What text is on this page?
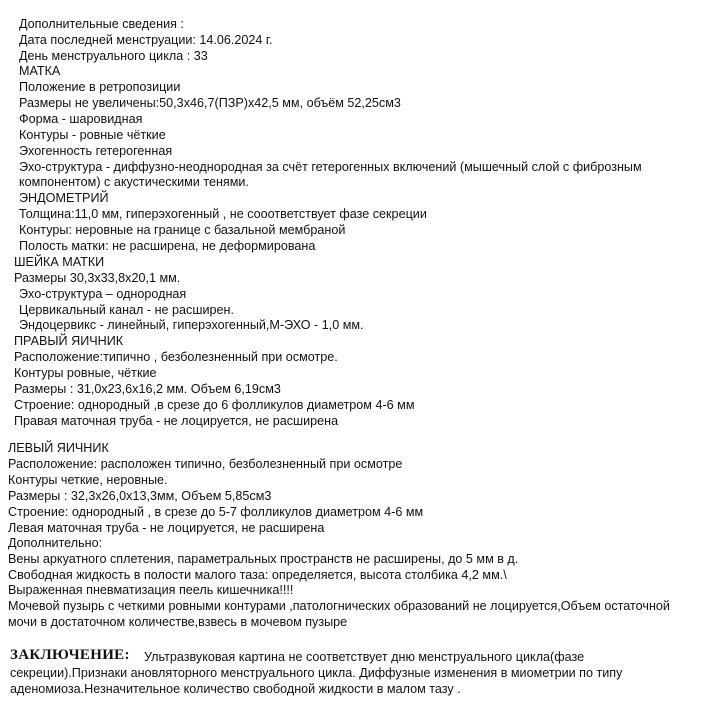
Дополнительные сведения :
Дата последней менструации: 14.06.2024 г.
День менструального цикла : 33
МАТКА
Положение в ретропозиции
Размеры не увеличены:50,3х46,7(ПЗР)х42,5 мм, объём 52,25см3
Форма - шаровидная
Контуры - ровные чёткие
Эхогенность гетерогенная
Эхо-структура - диффузно-неоднородная за счёт гетерогенных включений (мышечный слой с фиброзным
компонентом) с акустическими тенями.
ЭНДОМЕТРИЙ
Толщина:11,0 мм, гиперэхогенный , не сооответствует фазе секреции
Контуры: неровные на границе с базальной мембраной
Полость матки: не расширена, не деформирована
ШЕЙКА МАТКИ
Размеры 30,3х33,8х20,1 мм.
Эхо-структура – однородная
Цервикальный канал - не расширен.
Эндоцервикс - линейный, гиперэхогенный,М-ЭХО - 1,0 мм.
ПРАВЫЙ ЯИЧНИК
Расположение:типично , безболезненный при осмотре.
Контуры ровные, чёткие
Размеры : 31,0х23,6х16,2 мм. Объем 6,19см3
Строение: однородный ,в срезе до 6 фолликулов диаметром 4-6 мм
Правая маточная труба - не лоцируется, не расширена
ЛЕВЫЙ ЯИЧНИК
Расположение: расположен типично, безболезненный при осмотре
Контуры четкие, неровные.
Размеры : 32,3х26,0х13,3мм, Объем 5,85см3
Строение: однородный , в срезе до 5-7 фолликулов диаметром 4-6 мм
Левая маточная труба - не лоцируется, не расширена
Дополнительно:
Вены аркуатного сплетения, параметральных пространств не расширены, до 5 мм в д.
Свободная жидкость в полости малого таза: определяется, высота столбика 4,2 мм.\
Выраженная пневматизация пеель кишечника!!!!
Мочевой пузырь с четкими ровными контурами ,патологнических образований не лоцируется,Объем остаточной
мочи в достаточном количестве,взвесь в мочевом пузыре
ЗАКЛЮЧЕНИЕ: Ультразвуковая картина не соответствует дню менструального цикла(фазе
секреции).Признаки ановляторного менструального цикла. Диффузные изменения в миометрии по типу
аденомиоза.Незначительное количество свободной жидкости в малом тазу .
